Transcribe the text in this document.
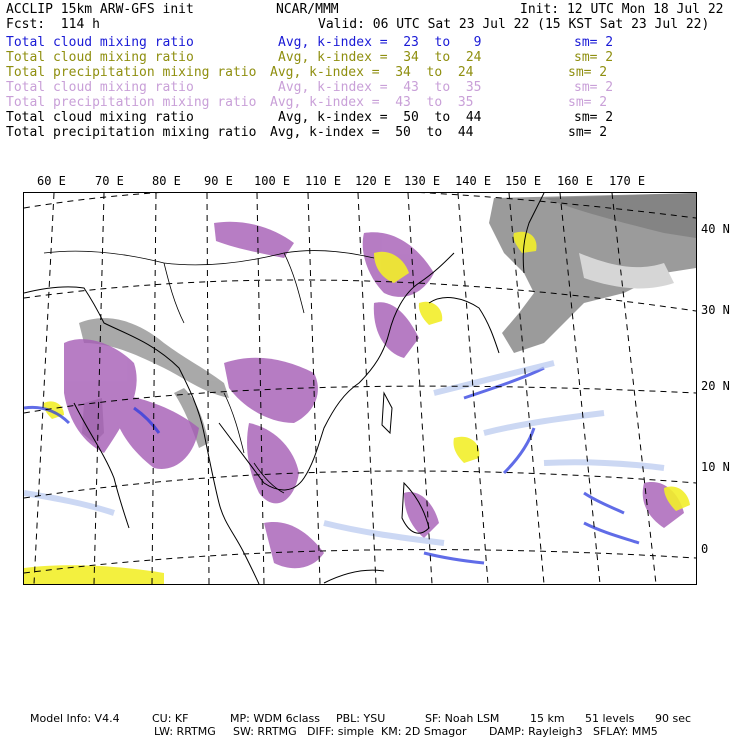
ACCLIP 15km ARW-GFS init	NCAR/MMM	Init: 12 UTC Mon 18 Jul 22
Fcst:  114 h	Valid: 06 UTC Sat 23 Jul 22 (15 KST Sat 23 Jul 22)

Total cloud mixing ratio	Avg, k-index =  23  to   9	sm= 2

Total cloud mixing ratio	Avg, k-index =  34  to  24	sm= 2

Total precipitation mixing ratio Avg, k-index =  34  to  24	sm= 2

Total cloud mixing ratio	Avg, k-index =  43  to  35	sm= 2

Total precipitation mixing ratio Avg, k-index =  43  to  35	sm= 2

Total cloud mixing ratio	Avg, k-index =  50  to  44	sm= 2

Total precipitation mixing ratio Avg, k-index =  50  to  44	sm= 2

60 E 70 E 80 E 90 E 100 E 110 E 120 E 130 E 140 E 150 E 160 E 170 E
40 N
30 N
20 N
10 N
0
Model Info: V4.4	CU: KF	MP: WDM 6class PBL: YSU	SF: Noah LSM	15 km 51 levels 90 sec
LW: RRTMG SW: RRTMG DIFF: simple KM: 2D Smagor DAMP: Rayleigh3 SFLAY: MM5
